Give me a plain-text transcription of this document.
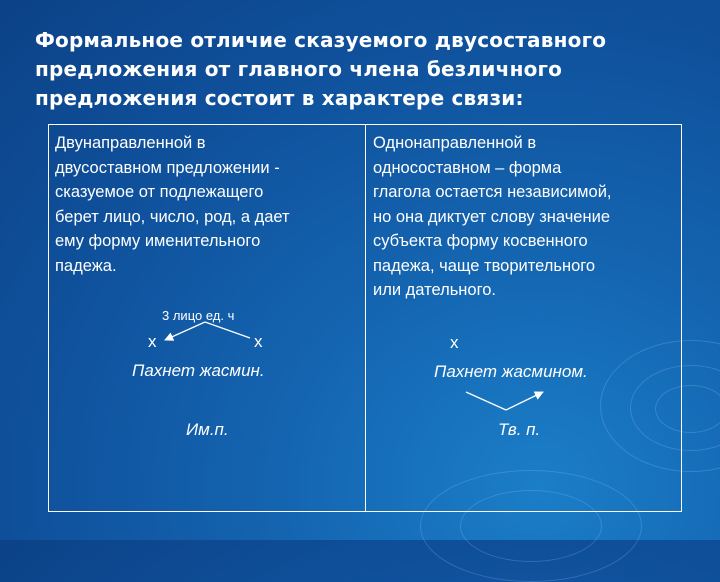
Формальное отличие сказуемого двусоставного
предложения от главного члена безличного
предложения состоит в характере связи:
Двунаправленной в
двусоставном предложении -
сказуемое от подлежащего
берет лицо, число, род, а дает
ему форму именительного
падежа.
3 лицо ед. ч
x	x
Пахнет жасмин.
Им.п.
Однонаправленной в
односоставном – форма
глагола остается независимой,
но она диктует слову значение
субъекта форму косвенного
падежа, чаще творительного
или дательного.
x
Пахнет жасмином.
Тв. п.
